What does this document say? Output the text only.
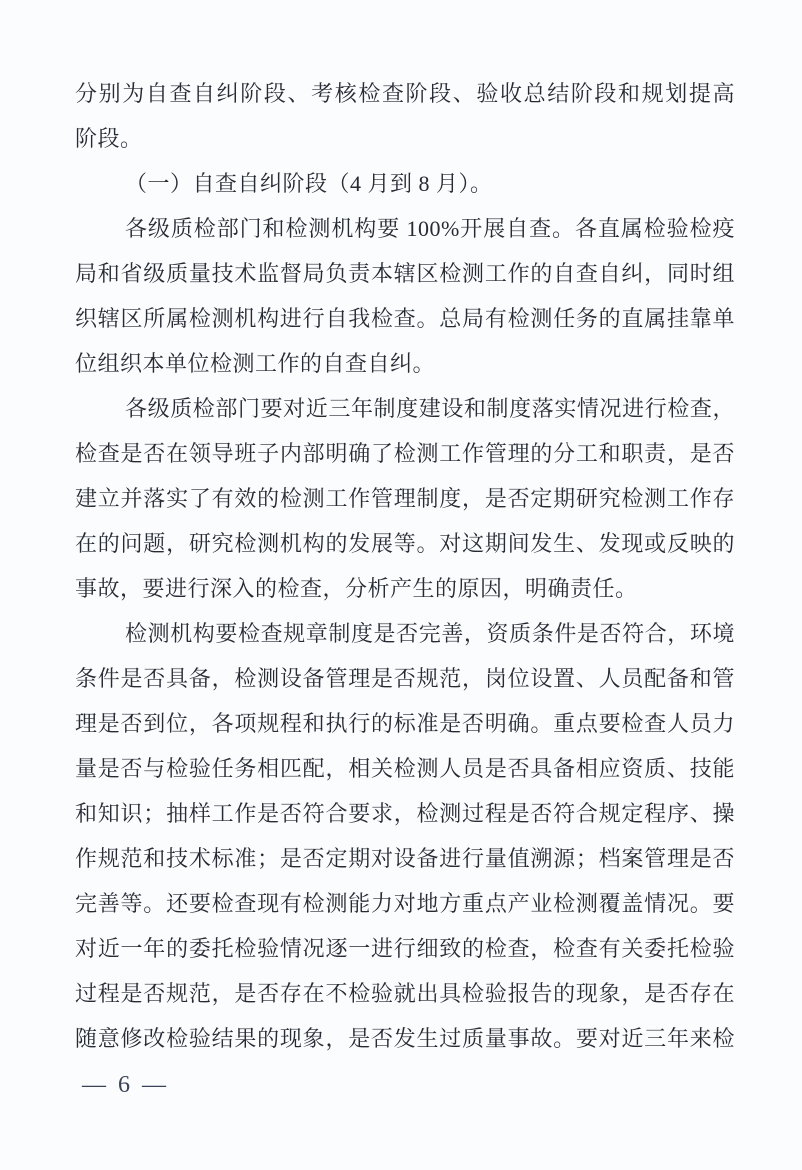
分别为自查自纠阶段、考核检查阶段、验收总结阶段和规划提高
阶段。
（一）自查自纠阶段（4 月到 8 月）。
各级质检部门和检测机构要 100%开展自查。各直属检验检疫
局和省级质量技术监督局负责本辖区检测工作的自查自纠，同时组
织辖区所属检测机构进行自我检查。总局有检测任务的直属挂靠单
位组织本单位检测工作的自查自纠。
各级质检部门要对近三年制度建设和制度落实情况进行检查，
检查是否在领导班子内部明确了检测工作管理的分工和职责，是否
建立并落实了有效的检测工作管理制度，是否定期研究检测工作存
在的问题，研究检测机构的发展等。对这期间发生、发现或反映的
事故，要进行深入的检查，分析产生的原因，明确责任。
检测机构要检查规章制度是否完善，资质条件是否符合，环境
条件是否具备，检测设备管理是否规范，岗位设置、人员配备和管
理是否到位，各项规程和执行的标准是否明确。重点要检查人员力
量是否与检验任务相匹配，相关检测人员是否具备相应资质、技能
和知识；抽样工作是否符合要求，检测过程是否符合规定程序、操
作规范和技术标准；是否定期对设备进行量值溯源；档案管理是否
完善等。还要检查现有检测能力对地方重点产业检测覆盖情况。要
对近一年的委托检验情况逐一进行细致的检查，检查有关委托检验
过程是否规范，是否存在不检验就出具检验报告的现象，是否存在
随意修改检验结果的现象，是否发生过质量事故。要对近三年来检
— 6 —
